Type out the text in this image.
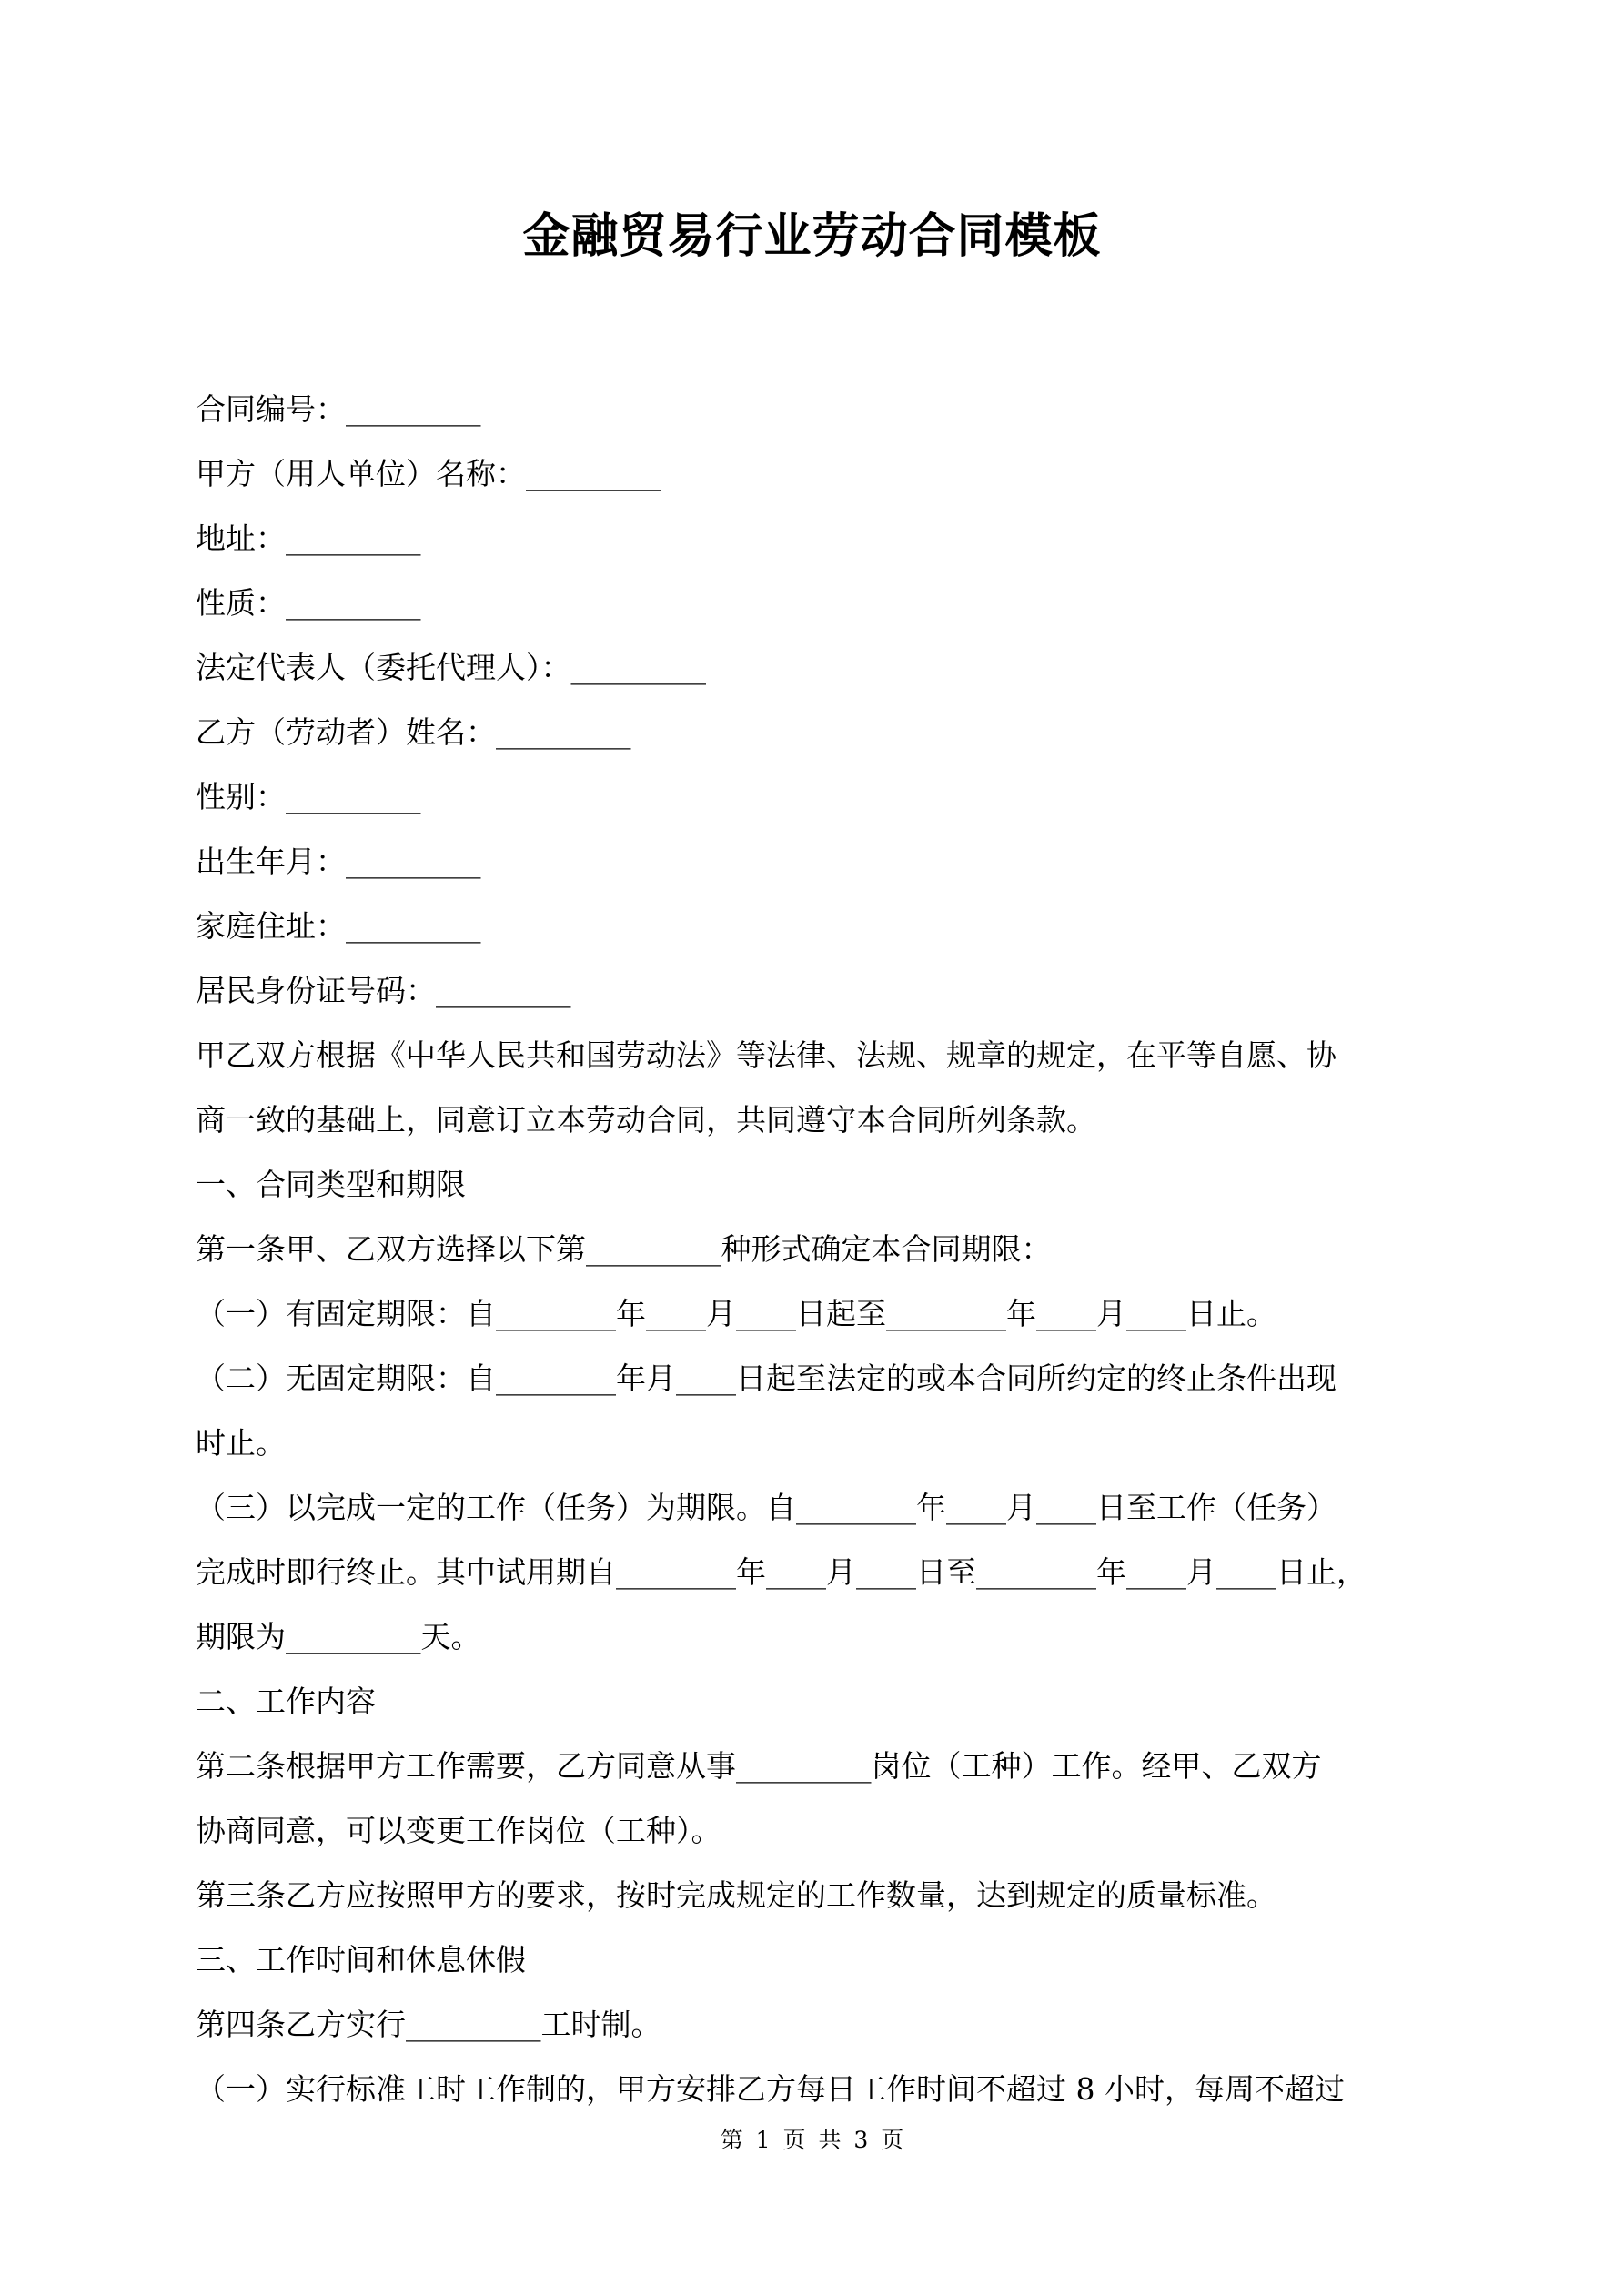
金融贸易行业劳动合同模板
合同编号：_________
甲方（用人单位）名称：_________
地址：_________
性质：_________
法定代表人（委托代理人）：_________
乙方（劳动者）姓名：_________
性别：_________
出生年月：_________
家庭住址：_________
居民身份证号码：_________
甲乙双方根据《中华人民共和国劳动法》等法律、法规、规章的规定，在平等自愿、协
商一致的基础上，同意订立本劳动合同，共同遵守本合同所列条款。
一、合同类型和期限
第一条甲、乙双方选择以下第_________种形式确定本合同期限：
（一）有固定期限：自________年____月____日起至________年____月____日止。
（二）无固定期限：自________年月____日起至法定的或本合同所约定的终止条件出现
时止。
（三）以完成一定的工作（任务）为期限。自________年____月____日至工作（任务）
完成时即行终止。其中试用期自________年____月____日至________年____月____日止，
期限为_________天。
二、工作内容
第二条根据甲方工作需要，乙方同意从事_________岗位（工种）工作。经甲、乙双方
协商同意，可以变更工作岗位（工种）。
第三条乙方应按照甲方的要求，按时完成规定的工作数量，达到规定的质量标准。
三、工作时间和休息休假
第四条乙方实行_________工时制。
（一）实行标准工时工作制的，甲方安排乙方每日工作时间不超过 8 小时，每周不超过
第 1 页 共 3 页
